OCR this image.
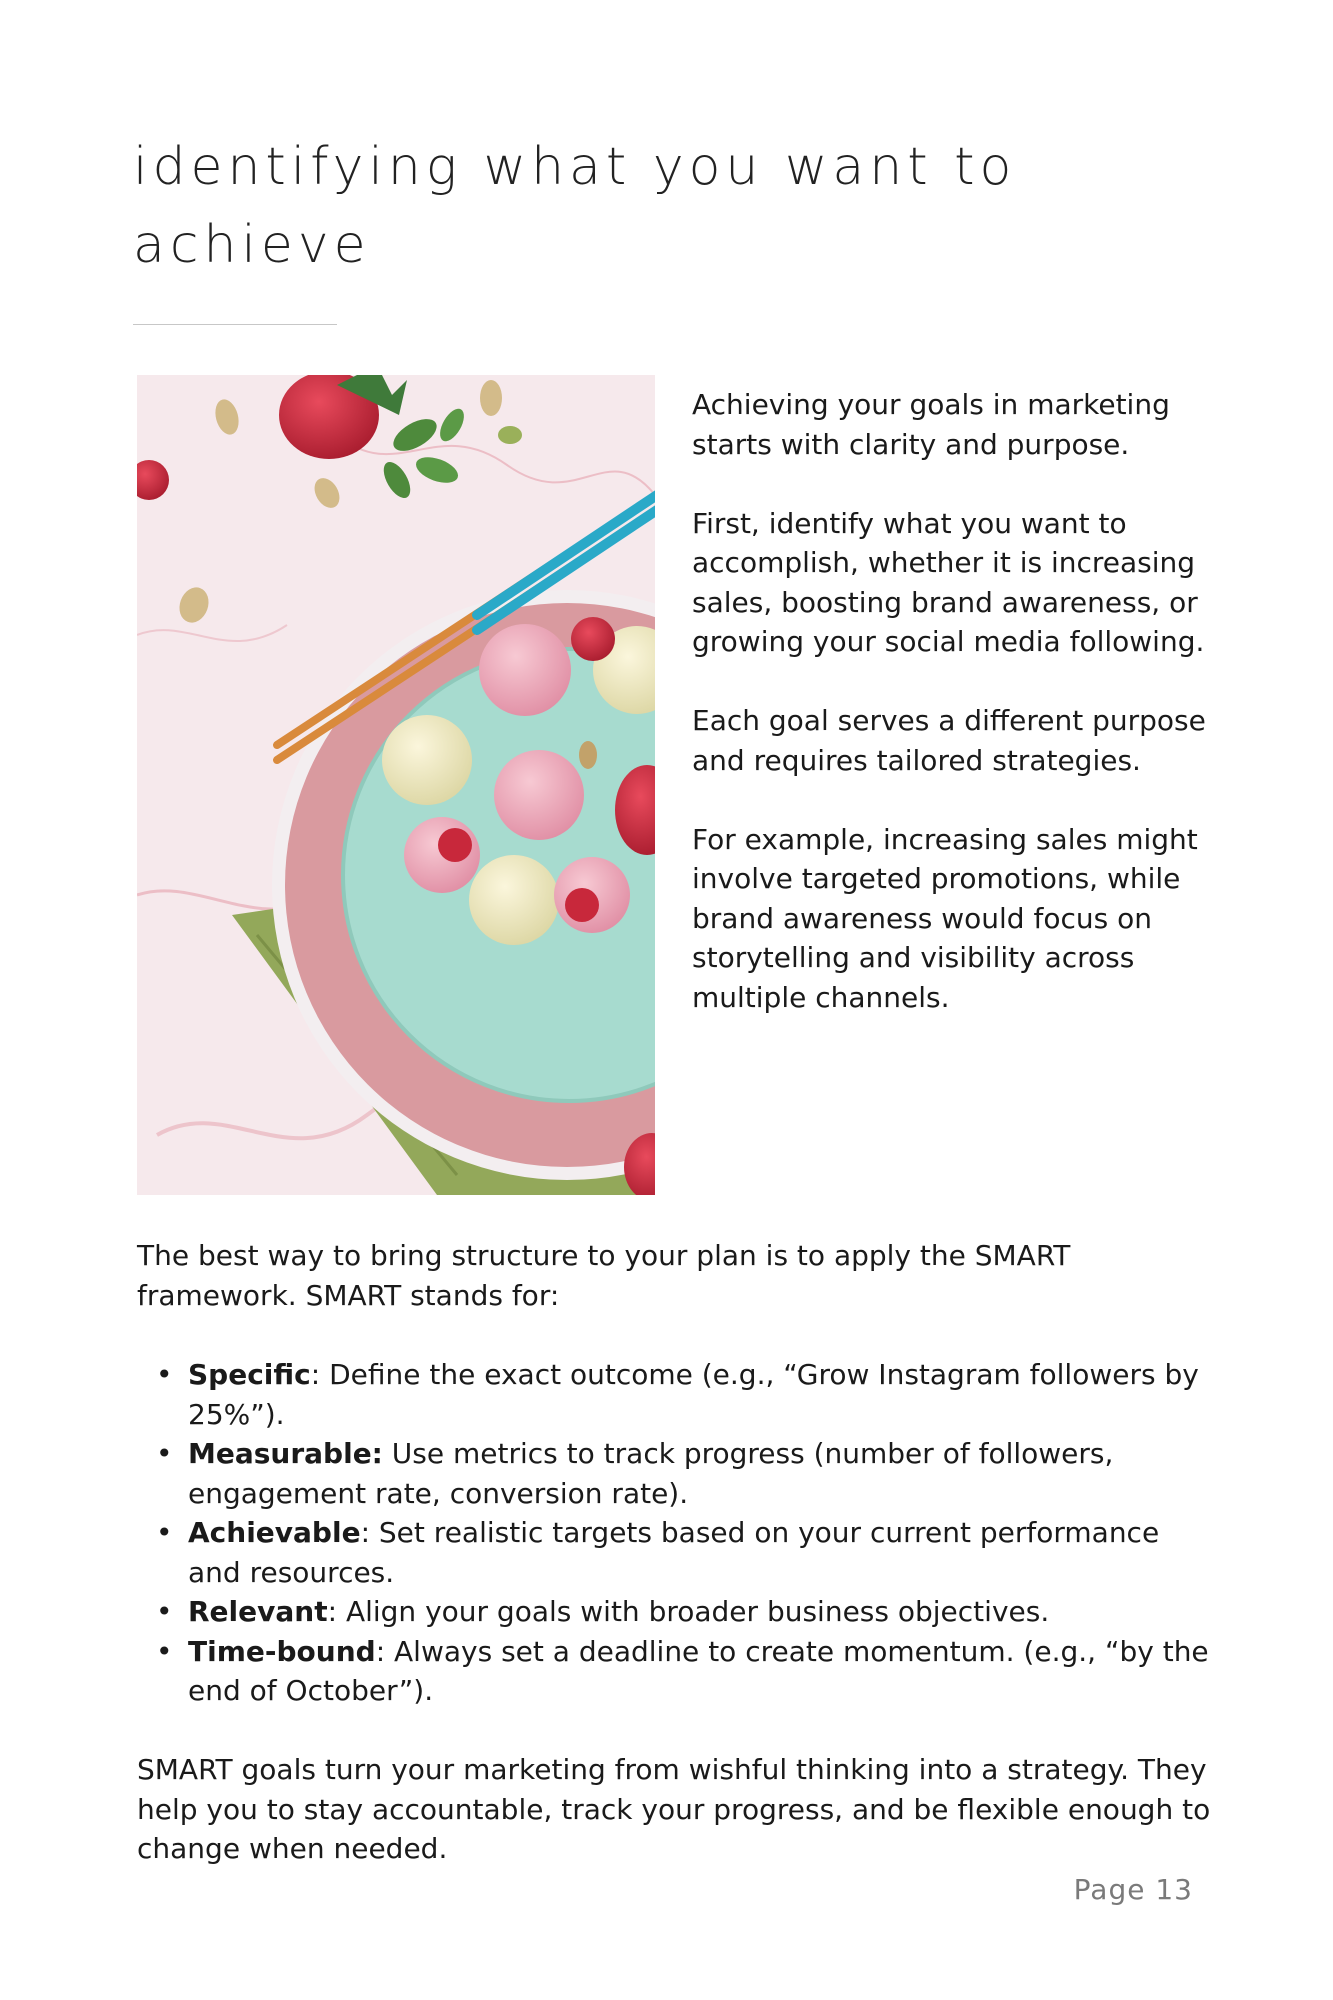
identifying what you want to achieve

Achieving your goals in marketing starts with clarity and purpose.

First, identify what you want to accomplish, whether it is increasing sales, boosting brand awareness, or growing your social media following.

Each goal serves a different purpose and requires tailored strategies.

For example, increasing sales might involve targeted promotions, while brand awareness would focus on storytelling and visibility across multiple channels.

The best way to bring structure to your plan is to apply the SMART framework. SMART stands for:

• Specific: Define the exact outcome (e.g., “Grow Instagram followers by 25%”).
• Measurable: Use metrics to track progress (number of followers, engagement rate, conversion rate).
• Achievable: Set realistic targets based on your current performance and resources.
• Relevant: Align your goals with broader business objectives.
• Time-bound: Always set a deadline to create momentum. (e.g., “by the end of October”).

SMART goals turn your marketing from wishful thinking into a strategy. They help you to stay accountable, track your progress, and be flexible enough to change when needed.

Page 13
